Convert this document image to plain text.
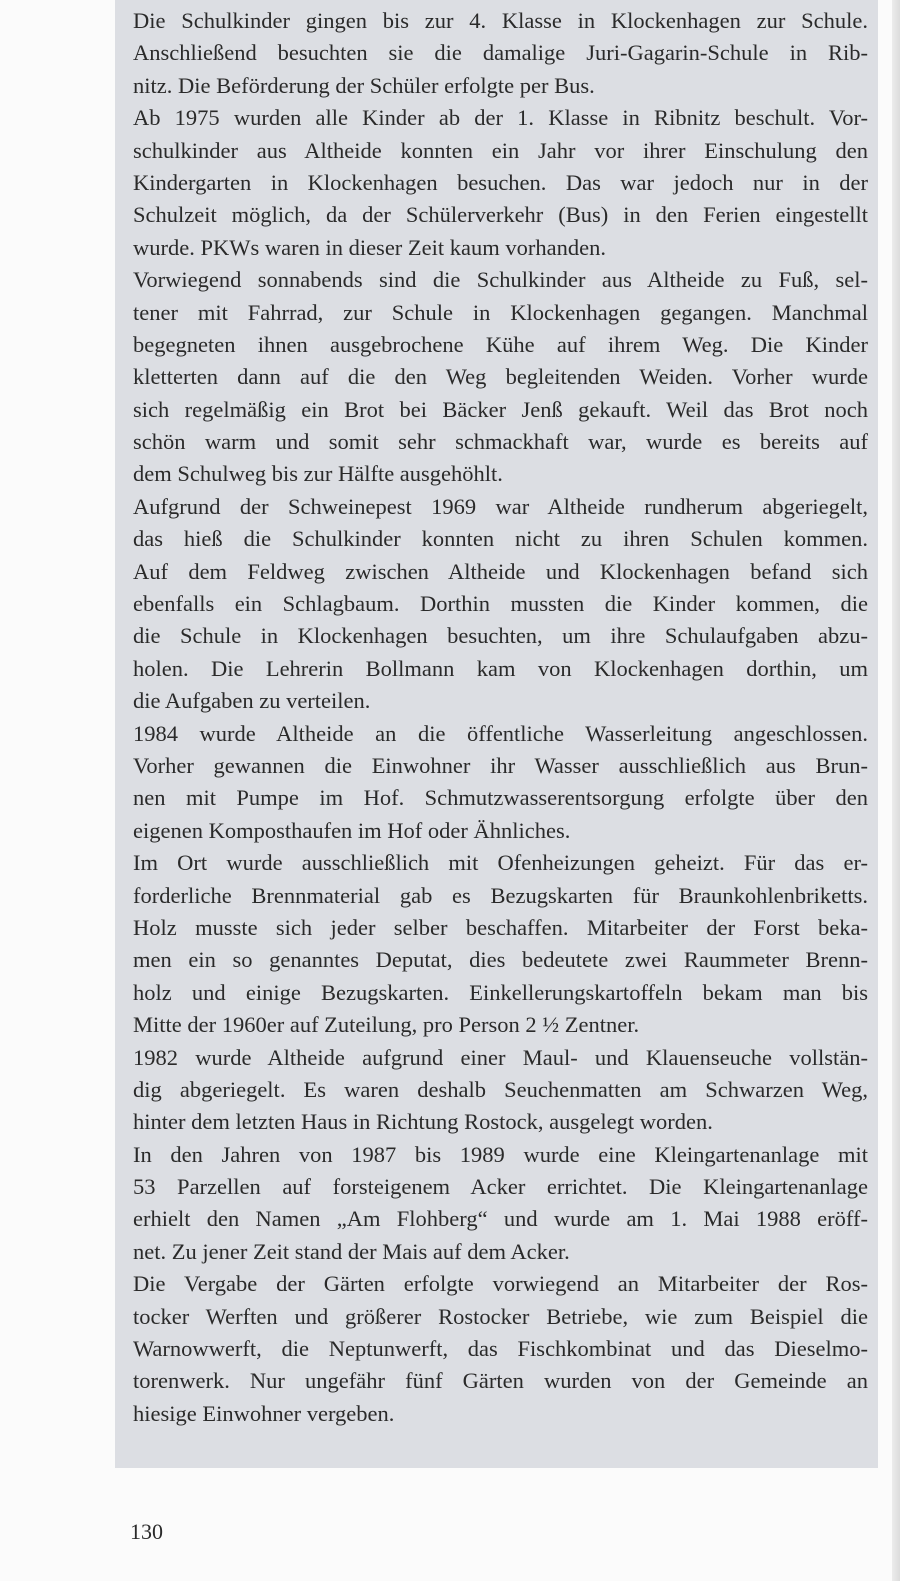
Die Schulkinder gingen bis zur 4. Klasse in Klockenhagen zur Schule.
Anschließend besuchten sie die damalige Juri-Gagarin-Schule in Rib-
nitz. Die Beförderung der Schüler erfolgte per Bus.
Ab 1975 wurden alle Kinder ab der 1. Klasse in Ribnitz beschult. Vor-
schulkinder aus Altheide konnten ein Jahr vor ihrer Einschulung den
Kindergarten in Klockenhagen besuchen. Das war jedoch nur in der
Schulzeit möglich, da der Schülerverkehr (Bus) in den Ferien eingestellt
wurde. PKWs waren in dieser Zeit kaum vorhanden.
Vorwiegend sonnabends sind die Schulkinder aus Altheide zu Fuß, sel-
tener mit Fahrrad, zur Schule in Klockenhagen gegangen. Manchmal
begegneten ihnen ausgebrochene Kühe auf ihrem Weg. Die Kinder
kletterten dann auf die den Weg begleitenden Weiden. Vorher wurde
sich regelmäßig ein Brot bei Bäcker Jenß gekauft. Weil das Brot noch
schön warm und somit sehr schmackhaft war, wurde es bereits auf
dem Schulweg bis zur Hälfte ausgehöhlt.
Aufgrund der Schweinepest 1969 war Altheide rundherum abgeriegelt,
das hieß die Schulkinder konnten nicht zu ihren Schulen kommen.
Auf dem Feldweg zwischen Altheide und Klockenhagen befand sich
ebenfalls ein Schlagbaum. Dorthin mussten die Kinder kommen, die
die Schule in Klockenhagen besuchten, um ihre Schulaufgaben abzu-
holen. Die Lehrerin Bollmann kam von Klockenhagen dorthin, um
die Aufgaben zu verteilen.
1984 wurde Altheide an die öffentliche Wasserleitung angeschlossen.
Vorher gewannen die Einwohner ihr Wasser ausschließlich aus Brun-
nen mit Pumpe im Hof. Schmutzwasserentsorgung erfolgte über den
eigenen Komposthaufen im Hof oder Ähnliches.
Im Ort wurde ausschließlich mit Ofenheizungen geheizt. Für das er-
forderliche Brennmaterial gab es Bezugskarten für Braunkohlenbriketts.
Holz musste sich jeder selber beschaffen. Mitarbeiter der Forst beka-
men ein so genanntes Deputat, dies bedeutete zwei Raummeter Brenn-
holz und einige Bezugskarten. Einkellerungskartoffeln bekam man bis
Mitte der 1960er auf Zuteilung, pro Person 2 ½ Zentner.
1982 wurde Altheide aufgrund einer Maul- und Klauenseuche vollstän-
dig abgeriegelt. Es waren deshalb Seuchenmatten am Schwarzen Weg,
hinter dem letzten Haus in Richtung Rostock, ausgelegt worden.
In den Jahren von 1987 bis 1989 wurde eine Kleingartenanlage mit
53 Parzellen auf forsteigenem Acker errichtet. Die Kleingartenanlage
erhielt den Namen „Am Flohberg“ und wurde am 1. Mai 1988 eröff-
net. Zu jener Zeit stand der Mais auf dem Acker.
Die Vergabe der Gärten erfolgte vorwiegend an Mitarbeiter der Ros-
tocker Werften und größerer Rostocker Betriebe, wie zum Beispiel die
Warnowwerft, die Neptunwerft, das Fischkombinat und das Dieselmo-
torenwerk. Nur ungefähr fünf Gärten wurden von der Gemeinde an
hiesige Einwohner vergeben.
130
